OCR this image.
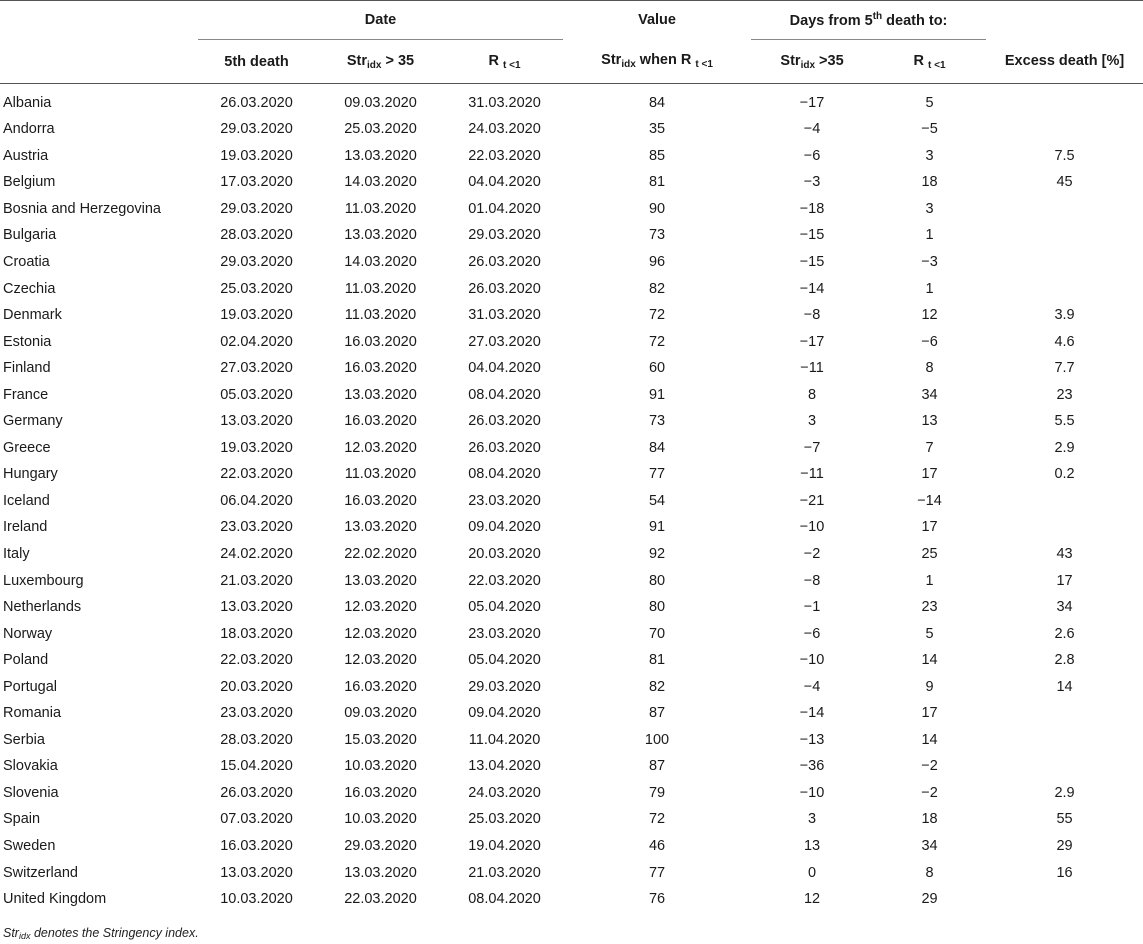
	Date			Value	Days from 5th death to:		
	5th death	Str$_{idx}$ > 35	R $_{t <1}$	Str$_{idx}$ when R $_{t <1}$	Str$_{idx}$ >35	R $_{t <1}$	Excess death [%]
Albania	26.03.2020	09.03.2020	31.03.2020	84	−17	5	
Andorra	29.03.2020	25.03.2020	24.03.2020	35	−4	−5	
Austria	19.03.2020	13.03.2020	22.03.2020	85	−6	3	7.5
Belgium	17.03.2020	14.03.2020	04.04.2020	81	−3	18	45
Bosnia and Herzegovina	29.03.2020	11.03.2020	01.04.2020	90	−18	3	
Bulgaria	28.03.2020	13.03.2020	29.03.2020	73	−15	1	
Croatia	29.03.2020	14.03.2020	26.03.2020	96	−15	−3	
Czechia	25.03.2020	11.03.2020	26.03.2020	82	−14	1	
Denmark	19.03.2020	11.03.2020	31.03.2020	72	−8	12	3.9
Estonia	02.04.2020	16.03.2020	27.03.2020	72	−17	−6	4.6
Finland	27.03.2020	16.03.2020	04.04.2020	60	−11	8	7.7
France	05.03.2020	13.03.2020	08.04.2020	91	8	34	23
Germany	13.03.2020	16.03.2020	26.03.2020	73	3	13	5.5
Greece	19.03.2020	12.03.2020	26.03.2020	84	−7	7	2.9
Hungary	22.03.2020	11.03.2020	08.04.2020	77	−11	17	0.2
Iceland	06.04.2020	16.03.2020	23.03.2020	54	−21	−14	
Ireland	23.03.2020	13.03.2020	09.04.2020	91	−10	17	
Italy	24.02.2020	22.02.2020	20.03.2020	92	−2	25	43
Luxembourg	21.03.2020	13.03.2020	22.03.2020	80	−8	1	17
Netherlands	13.03.2020	12.03.2020	05.04.2020	80	−1	23	34
Norway	18.03.2020	12.03.2020	23.03.2020	70	−6	5	2.6
Poland	22.03.2020	12.03.2020	05.04.2020	81	−10	14	2.8
Portugal	20.03.2020	16.03.2020	29.03.2020	82	−4	9	14
Romania	23.03.2020	09.03.2020	09.04.2020	87	−14	17	
Serbia	28.03.2020	15.03.2020	11.04.2020	100	−13	14	
Slovakia	15.04.2020	10.03.2020	13.04.2020	87	−36	−2	
Slovenia	26.03.2020	16.03.2020	24.03.2020	79	−10	−2	2.9
Spain	07.03.2020	10.03.2020	25.03.2020	72	3	18	55
Sweden	16.03.2020	29.03.2020	19.04.2020	46	13	34	29
Switzerland	13.03.2020	13.03.2020	21.03.2020	77	0	8	16
United Kingdom	10.03.2020	22.03.2020	08.04.2020	76	12	29	
Stridx denotes the Stringency index.
